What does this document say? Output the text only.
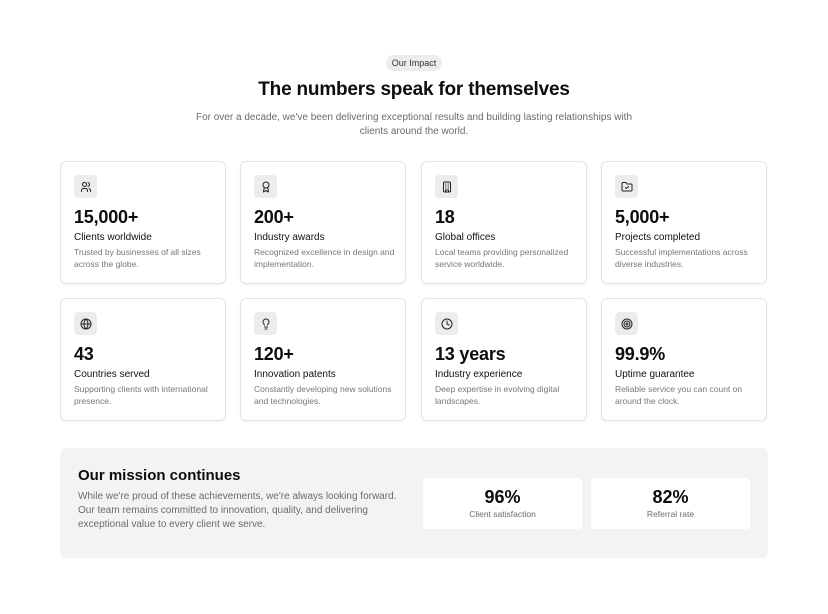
Our Impact
The numbers speak for themselves

For over a decade, we've been delivering exceptional results and building lasting relationships with clients around the world.

15,000+
Clients worldwide
Trusted by businesses of all sizes across the globe.
200+
Industry awards
Recognized excellence in design and implementation.
18
Global offices
Local teams providing personalized service worldwide.
5,000+
Projects completed
Successful implementations across diverse industries.
43
Countries served
Supporting clients with international presence.
120+
Innovation patents
Constantly developing new solutions and technologies.
13 years
Industry experience
Deep expertise in evolving digital landscapes.
99.9%
Uptime guarantee
Reliable service you can count on around the clock.
Our mission continues

While we're proud of these achievements, we're always looking forward. Our team remains committed to innovation, quality, and delivering exceptional value to every client we serve.

96%
Client satisfaction
82%
Referral rate
